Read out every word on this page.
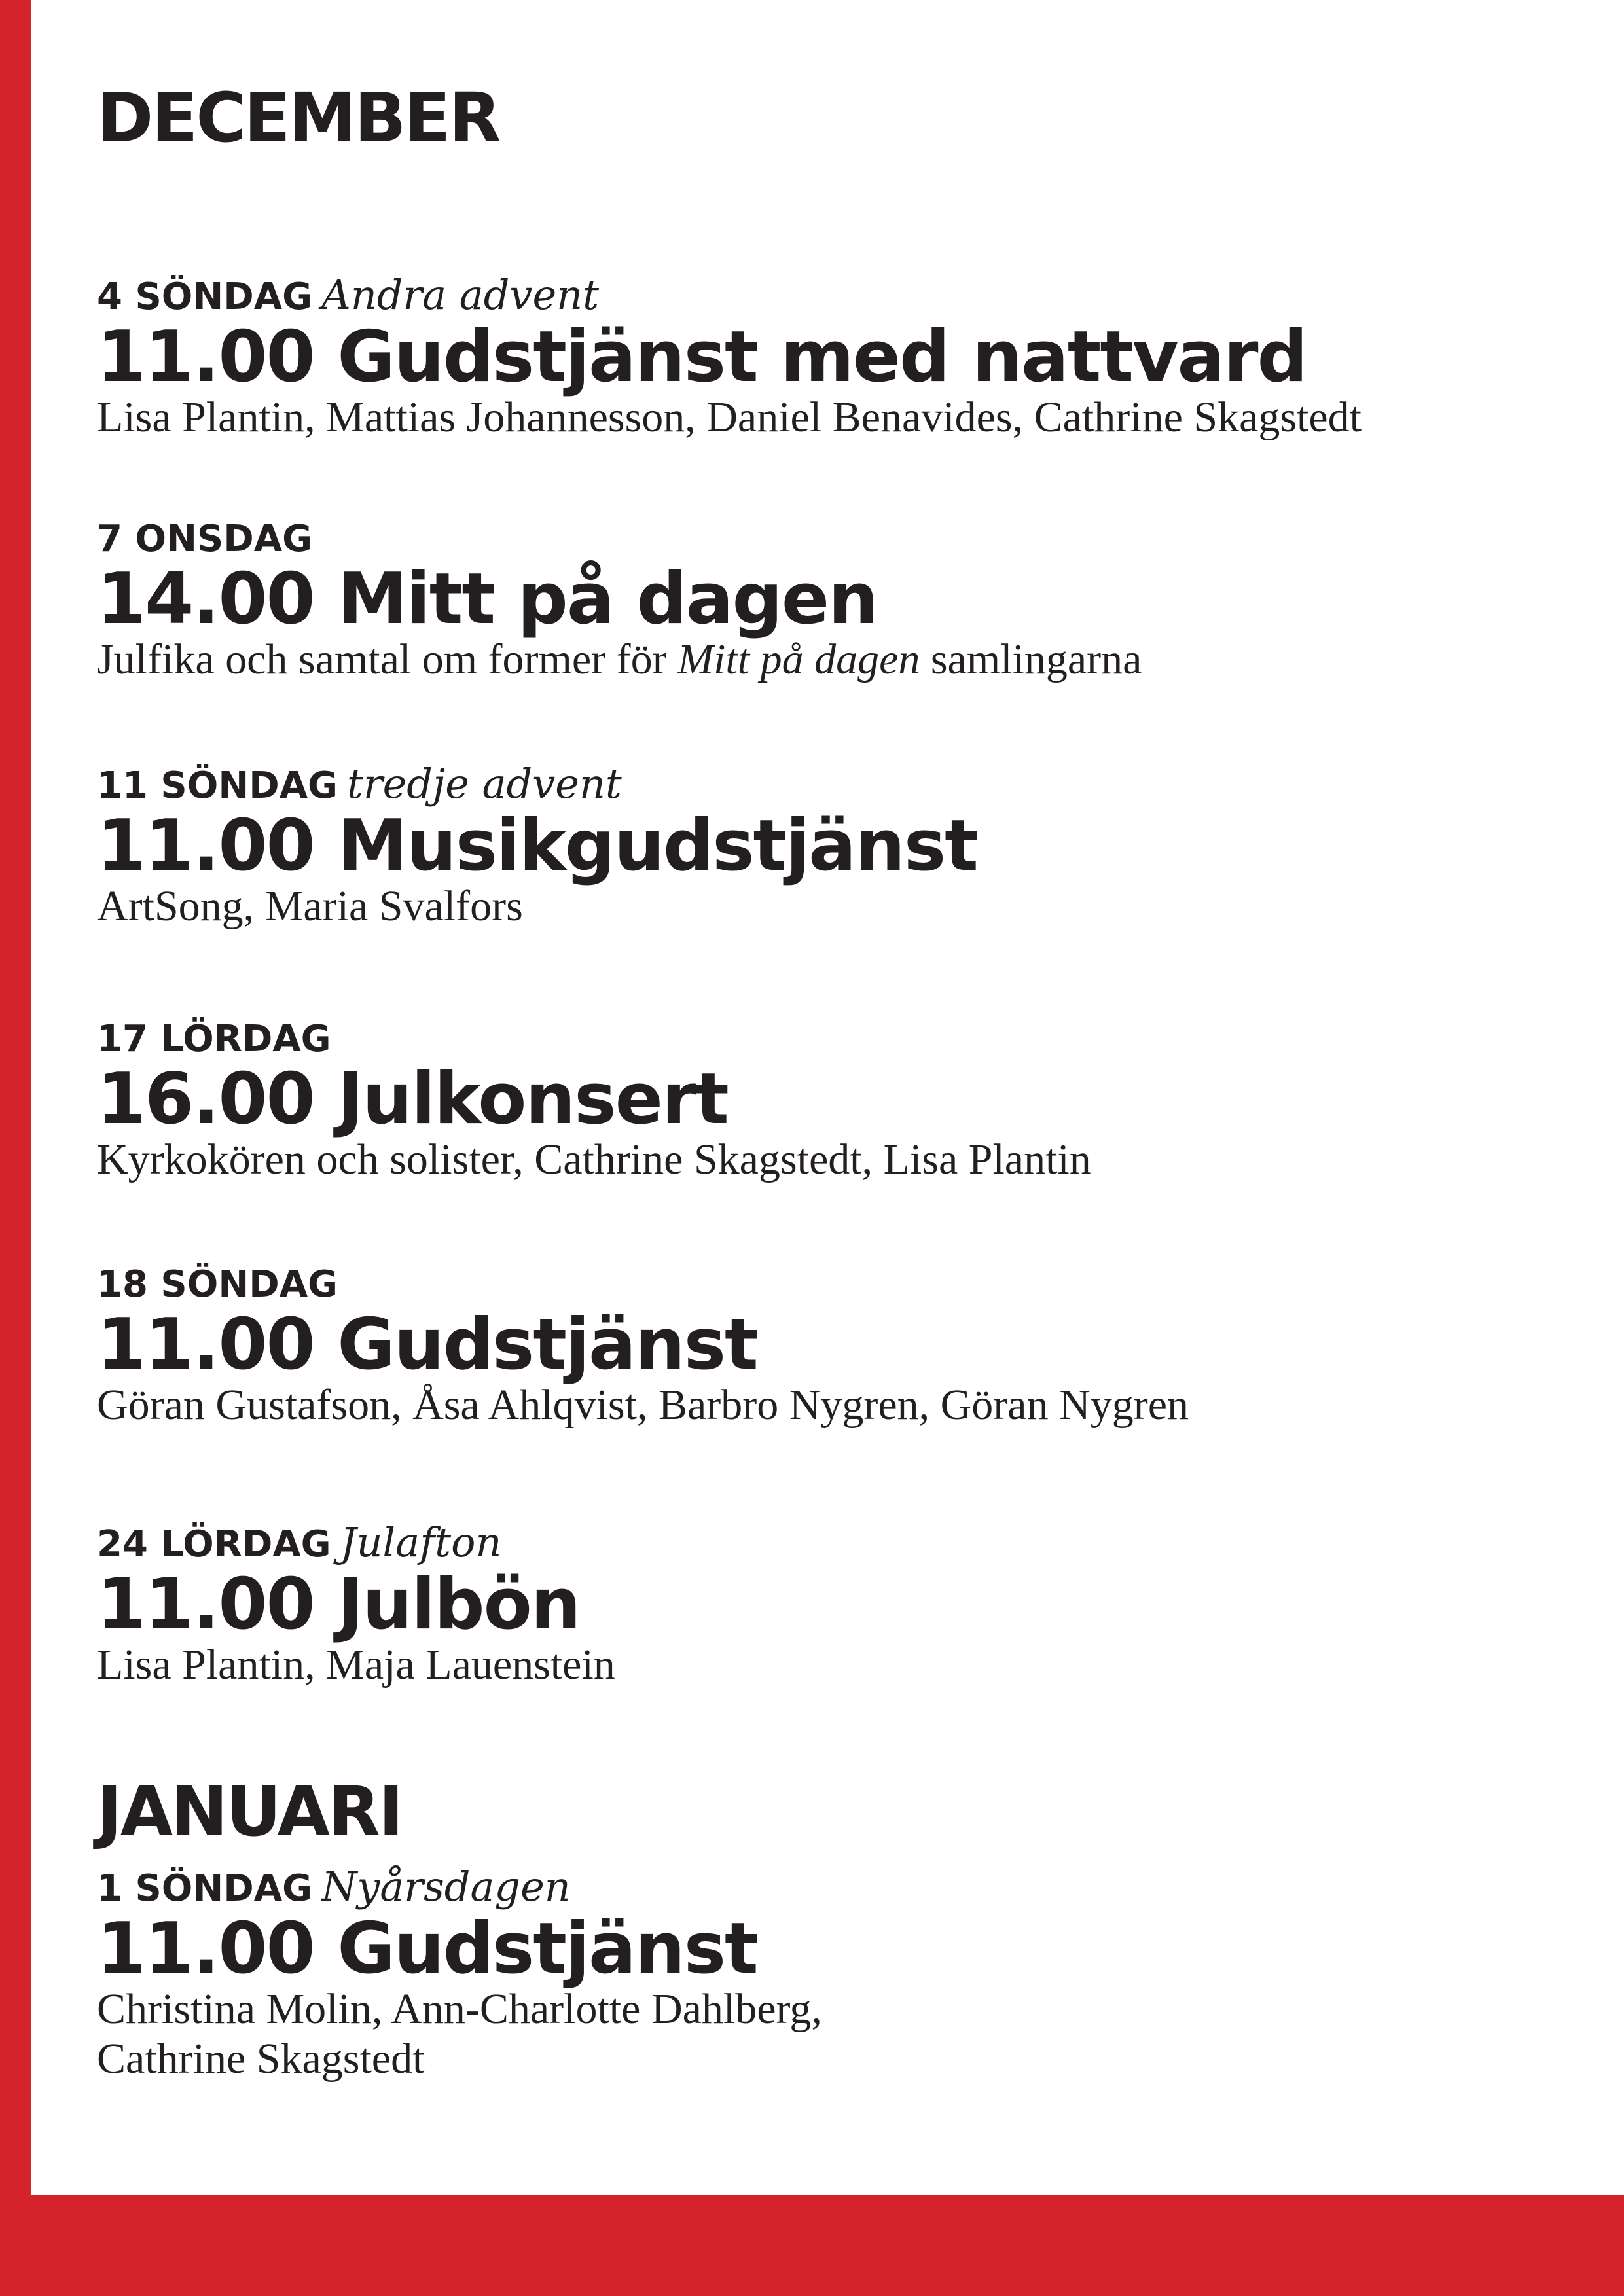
DECEMBER
4 SÖNDAG Andra advent
11.00 Gudstjänst med nattvard
Lisa Plantin, Mattias Johannesson, Daniel Benavides, Cathrine Skagstedt
7 ONSDAG
14.00 Mitt på dagen
Julfika och samtal om former för Mitt på dagen samlingarna
11 SÖNDAG tredje advent
11.00 Musikgudstjänst
ArtSong, Maria Svalfors
17 LÖRDAG
16.00 Julkonsert
Kyrkokören och solister, Cathrine Skagstedt, Lisa Plantin
18 SÖNDAG
11.00 Gudstjänst
Göran Gustafson, Åsa Ahlqvist, Barbro Nygren, Göran Nygren
24 LÖRDAG Julafton
11.00 Julbön
Lisa Plantin, Maja Lauenstein
JANUARI
1 SÖNDAG Nyårsdagen
11.00 Gudstjänst
Christina Molin, Ann-Charlotte Dahlberg,
Cathrine Skagstedt
